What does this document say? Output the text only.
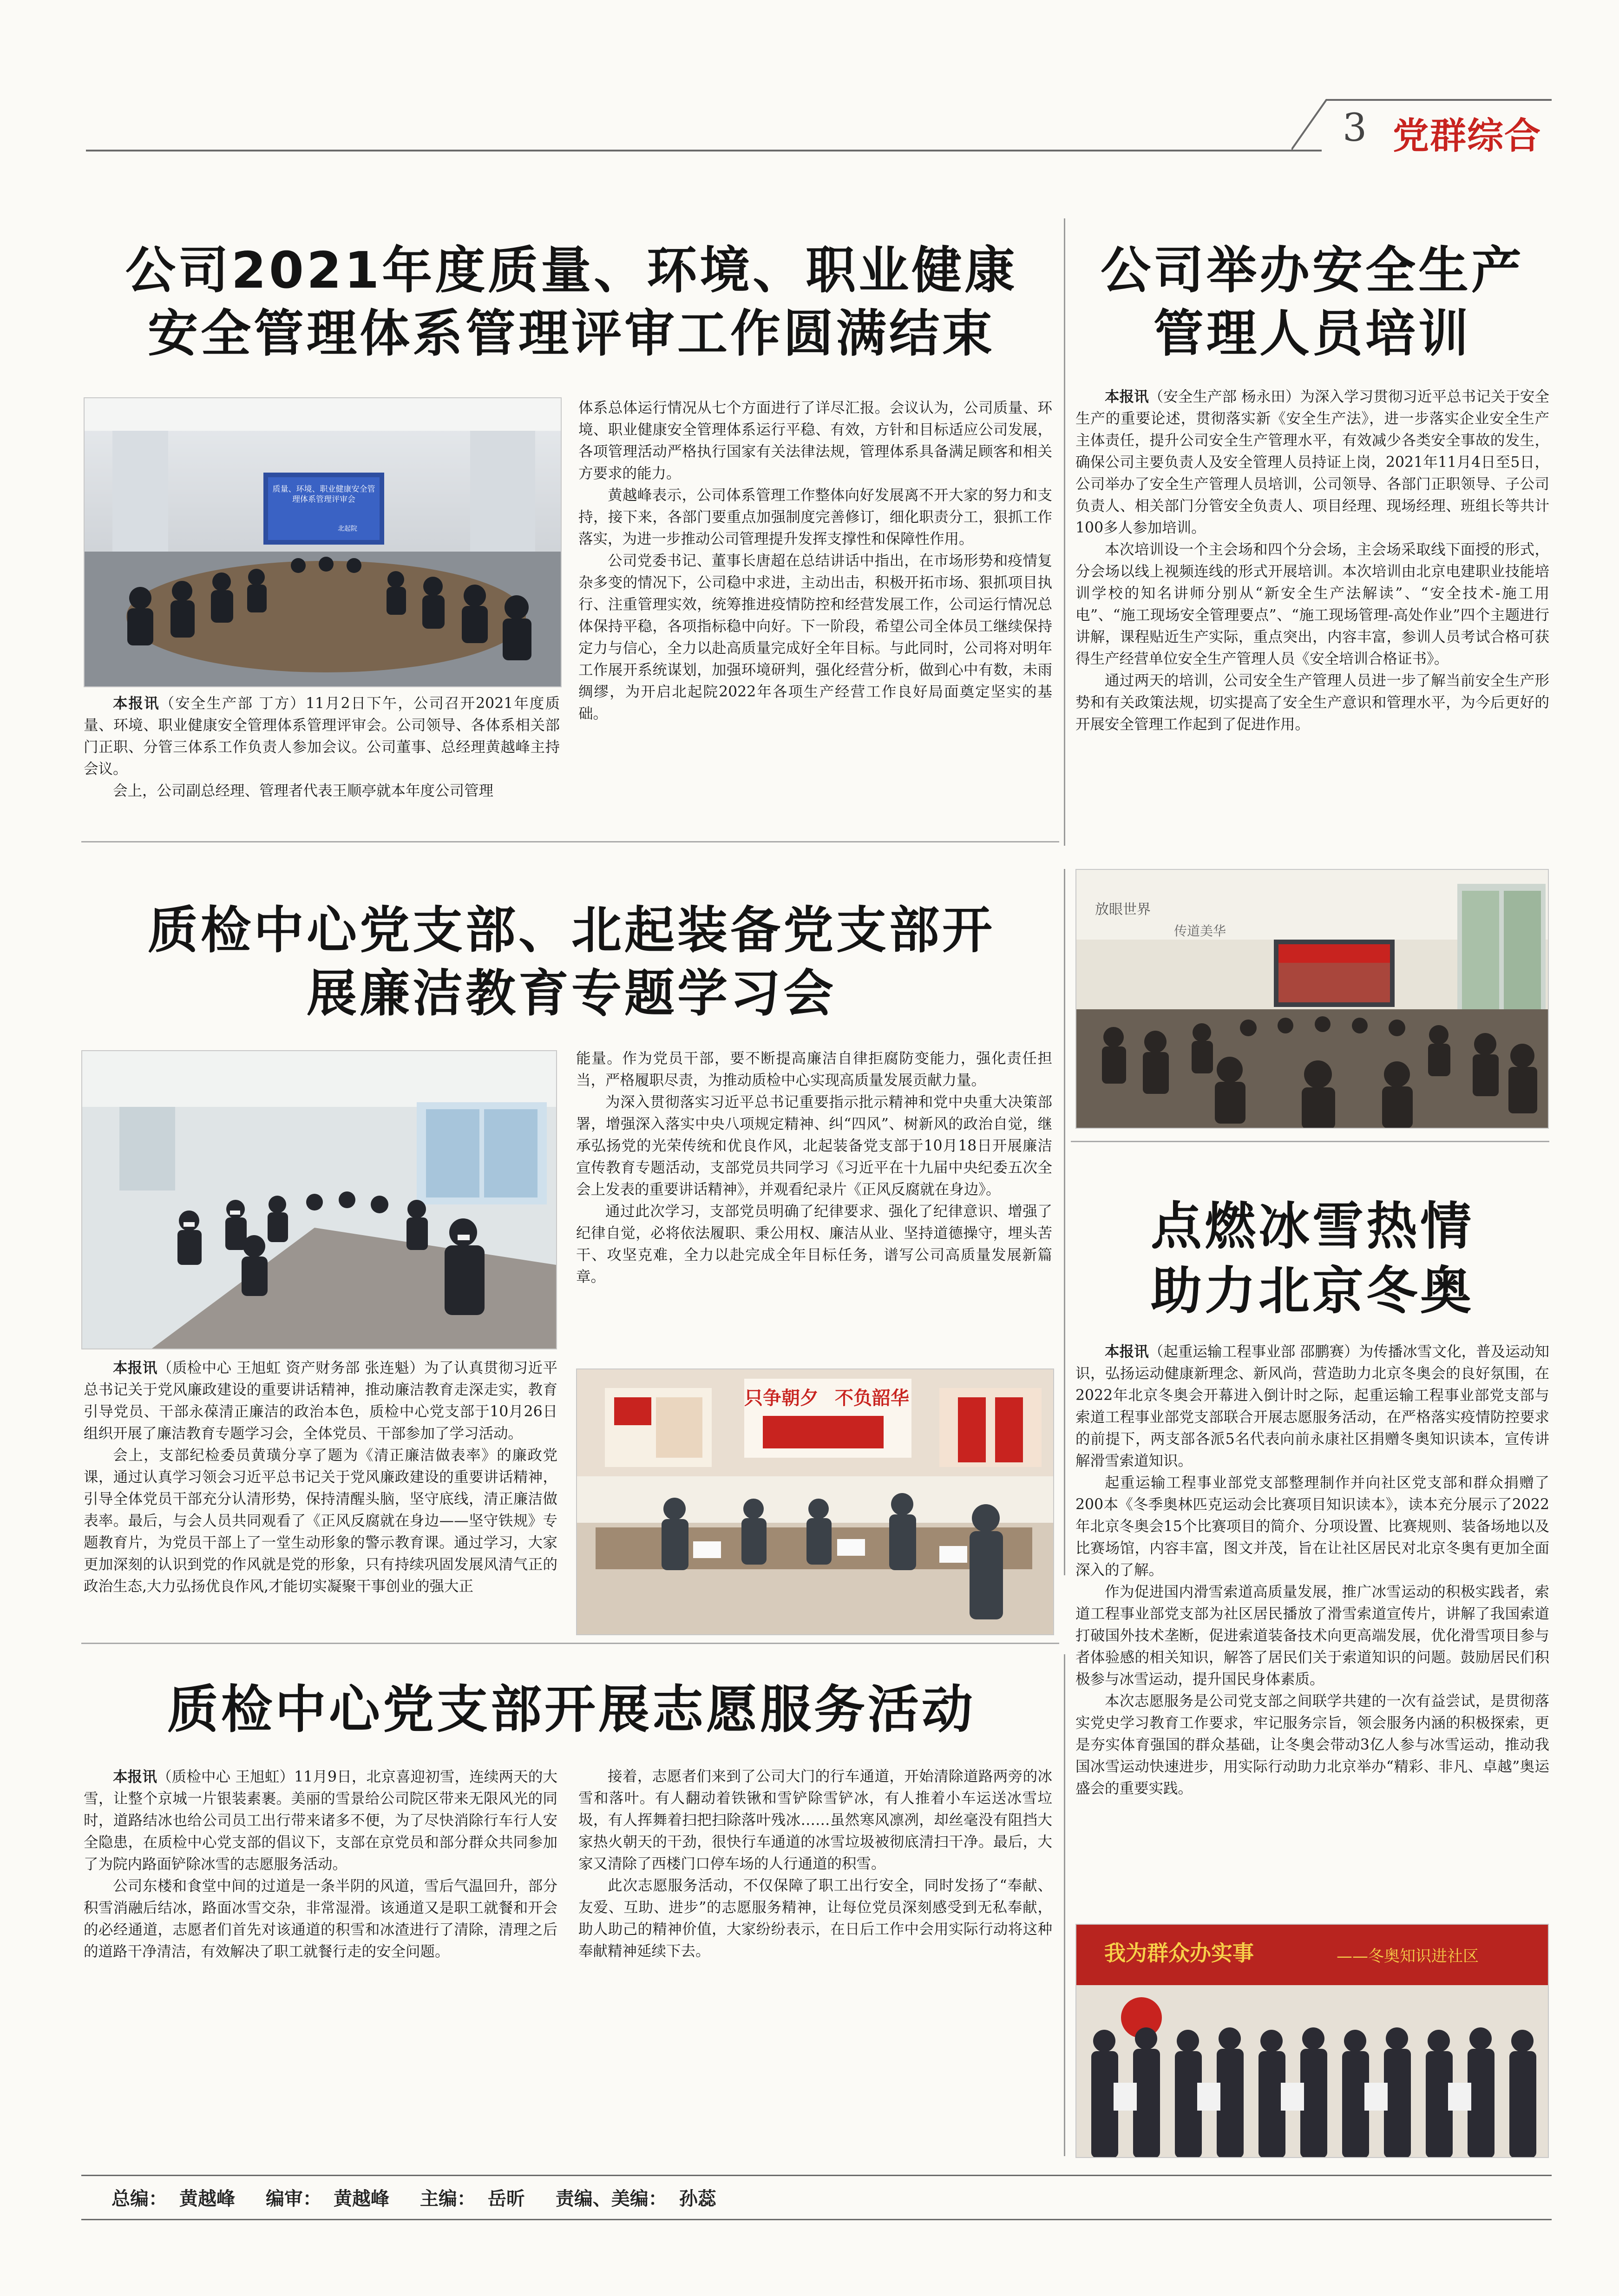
3 党群综合
公司2021年度质量、环境、职业健康
安全管理体系管理评审工作圆满结束
质量、环境、职业健康安全管理体系管理评审会
北起院

本报讯（安全生产部 丁方）11月2日下午，公司召开2021年度质量、环境、职业健康安全管理体系管理评审会。公司领导、各体系相关部门正职、分管三体系工作负责人参加会议。公司董事、总经理黄越峰主持会议。

会上，公司副总经理、管理者代表王顺亭就本年度公司管理

体系总体运行情况从七个方面进行了详尽汇报。会议认为，公司质量、环境、职业健康安全管理体系运行平稳、有效，方针和目标适应公司发展，各项管理活动严格执行国家有关法律法规，管理体系具备满足顾客和相关方要求的能力。

黄越峰表示，公司体系管理工作整体向好发展离不开大家的努力和支持，接下来，各部门要重点加强制度完善修订，细化职责分工，狠抓工作落实，为进一步推动公司管理提升发挥支撑性和保障性作用。

公司党委书记、董事长唐超在总结讲话中指出，在市场形势和疫情复杂多变的情况下，公司稳中求进，主动出击，积极开拓市场、狠抓项目执行、注重管理实效，统筹推进疫情防控和经营发展工作，公司运行情况总体保持平稳，各项指标稳中向好。下一阶段，希望公司全体员工继续保持定力与信心，全力以赴高质量完成好全年目标。与此同时，公司将对明年工作展开系统谋划，加强环境研判，强化经营分析，做到心中有数，未雨绸缪，为开启北起院2022年各项生产经营工作良好局面奠定坚实的基础。

公司举办安全生产
管理人员培训

本报讯（安全生产部 杨永田）为深入学习贯彻习近平总书记关于安全生产的重要论述，贯彻落实新《安全生产法》，进一步落实企业安全生产主体责任，提升公司安全生产管理水平，有效减少各类安全事故的发生，确保公司主要负责人及安全管理人员持证上岗，2021年11月4日至5日，公司举办了安全生产管理人员培训，公司领导、各部门正职领导、子公司负责人、相关部门分管安全负责人、项目经理、现场经理、班组长等共计100多人参加培训。

本次培训设一个主会场和四个分会场，主会场采取线下面授的形式，分会场以线上视频连线的形式开展培训。本次培训由北京电建职业技能培训学校的知名讲师分别从“新安全生产法解读”、“安全技术-施工用电”、“施工现场安全管理要点”、“施工现场管理-高处作业”四个主题进行讲解，课程贴近生产实际，重点突出，内容丰富，参训人员考试合格可获得生产经营单位安全生产管理人员《安全培训合格证书》。

通过两天的培训，公司安全生产管理人员进一步了解当前安全生产形势和有关政策法规，切实提高了安全生产意识和管理水平，为今后更好的开展安全管理工作起到了促进作用。

放眼世界
传道美华
质检中心党支部、北起装备党支部开
展廉洁教育专题学习会

本报讯（质检中心 王旭虹 资产财务部 张连魁）为了认真贯彻习近平总书记关于党风廉政建设的重要讲话精神，推动廉洁教育走深走实，教育引导党员、干部永葆清正廉洁的政治本色，质检中心党支部于10月26日组织开展了廉洁教育专题学习会，全体党员、干部参加了学习活动。

会上，支部纪检委员黄璜分享了题为《清正廉洁做表率》的廉政党课，通过认真学习领会习近平总书记关于党风廉政建设的重要讲话精神，引导全体党员干部充分认清形势，保持清醒头脑，坚守底线，清正廉洁做表率。最后，与会人员共同观看了《正风反腐就在身边——坚守铁规》专题教育片，为党员干部上了一堂生动形象的警示教育课。通过学习，大家更加深刻的认识到党的作风就是党的形象，只有持续巩固发展风清气正的政治生态,大力弘扬优良作风,才能切实凝聚干事创业的强大正

能量。作为党员干部，要不断提高廉洁自律拒腐防变能力，强化责任担当，严格履职尽责，为推动质检中心实现高质量发展贡献力量。

为深入贯彻落实习近平总书记重要指示批示精神和党中央重大决策部署，增强深入落实中央八项规定精神、纠“四风”、树新风的政治自觉，继承弘扬党的光荣传统和优良作风，北起装备党支部于10月18日开展廉洁宣传教育专题活动，支部党员共同学习《习近平在十九届中央纪委五次全会上发表的重要讲话精神》，并观看纪录片《正风反腐就在身边》。

通过此次学习，支部党员明确了纪律要求、强化了纪律意识、增强了纪律自觉，必将依法履职、秉公用权、廉洁从业、坚持道德操守，埋头苦干、攻坚克难，全力以赴完成全年目标任务，谱写公司高质量发展新篇章。

只争朝夕 不负韶华
点燃冰雪热情
助力北京冬奥

本报讯（起重运输工程事业部 邵鹏赛）为传播冰雪文化，普及运动知识，弘扬运动健康新理念、新风尚，营造助力北京冬奥会的良好氛围，在2022年北京冬奥会开幕进入倒计时之际，起重运输工程事业部党支部与索道工程事业部党支部联合开展志愿服务活动，在严格落实疫情防控要求的前提下，两支部各派5名代表向前永康社区捐赠冬奥知识读本，宣传讲解滑雪索道知识。

起重运输工程事业部党支部整理制作并向社区党支部和群众捐赠了200本《冬季奥林匹克运动会比赛项目知识读本》，读本充分展示了2022年北京冬奥会15个比赛项目的简介、分项设置、比赛规则、装备场地以及比赛场馆，内容丰富，图文并茂，旨在让社区居民对北京冬奥有更加全面深入的了解。

作为促进国内滑雪索道高质量发展，推广冰雪运动的积极实践者，索道工程事业部党支部为社区居民播放了滑雪索道宣传片，讲解了我国索道打破国外技术垄断，促进索道装备技术向更高端发展，优化滑雪项目参与者体验感的相关知识，解答了居民们关于索道知识的问题。鼓励居民们积极参与冰雪运动，提升国民身体素质。

本次志愿服务是公司党支部之间联学共建的一次有益尝试，是贯彻落实党史学习教育工作要求，牢记服务宗旨，领会服务内涵的积极探索，更是夯实体育强国的群众基础，让冬奥会带动3亿人参与冰雪运动，推动我国冰雪运动快速进步，用实际行动助力北京举办“精彩、非凡、卓越”奥运盛会的重要实践。

我为群众办实事	——冬奥知识进社区
质检中心党支部开展志愿服务活动

本报讯（质检中心 王旭虹）11月9日，北京喜迎初雪，连续两天的大雪，让整个京城一片银装素裹。美丽的雪景给公司院区带来无限风光的同时，道路结冰也给公司员工出行带来诸多不便，为了尽快消除行车行人安全隐患，在质检中心党支部的倡议下，支部在京党员和部分群众共同参加了为院内路面铲除冰雪的志愿服务活动。

公司东楼和食堂中间的过道是一条半阴的风道，雪后气温回升，部分积雪消融后结冰，路面冰雪交杂，非常湿滑。该通道又是职工就餐和开会的必经通道，志愿者们首先对该通道的积雪和冰渣进行了清除，清理之后的道路干净清洁，有效解决了职工就餐行走的安全问题。

接着，志愿者们来到了公司大门的行车通道，开始清除道路两旁的冰雪和落叶。有人翻动着铁锹和雪铲除雪铲冰，有人推着小车运送冰雪垃圾，有人挥舞着扫把扫除落叶残冰……虽然寒风凛冽，却丝毫没有阻挡大家热火朝天的干劲，很快行车通道的冰雪垃圾被彻底清扫干净。最后，大家又清除了西楼门口停车场的人行通道的积雪。

此次志愿服务活动，不仅保障了职工出行安全，同时发扬了“奉献、友爱、互助、进步”的志愿服务精神，让每位党员深刻感受到无私奉献，助人助己的精神价值，大家纷纷表示，在日后工作中会用实际行动将这种奉献精神延续下去。

总编： 黄越峰 编审： 黄越峰 主编： 岳昕 责编、美编： 孙蕊
